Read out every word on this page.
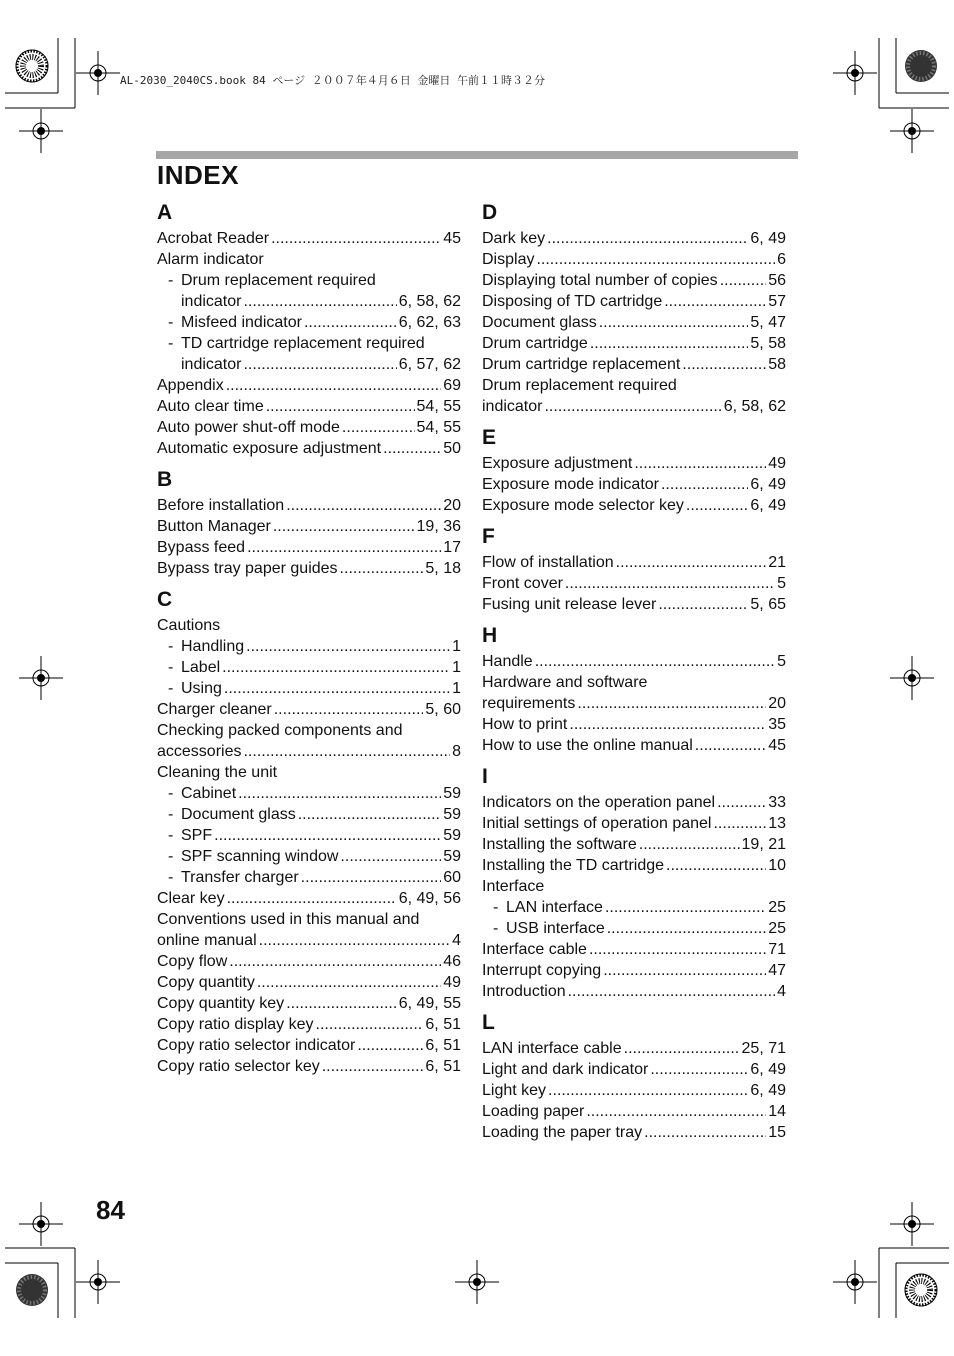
AL-2030_2040CS.book 84 ページ ２００７年４月６日 金曜日 午前１１時３２分
INDEX
A
Acrobat Reader .....	45
Alarm indicator
- Drum replacement required
indicator .....	6, 58, 62
- Misfeed indicator .....	6, 62, 63
- TD cartridge replacement required
indicator .....	6, 57, 62
Appendix .....	69
Auto clear time .....	54, 55
Auto power shut-off mode .....	54, 55
Automatic exposure adjustment .....	50
B
Before installation .....	20
Button Manager .....	19, 36
Bypass feed .....	17
Bypass tray paper guides .....	5, 18
C
Cautions
- Handling .....	1
- Label .....	1
- Using .....	1
Charger cleaner .....	5, 60
Checking packed components and
accessories .....	8
Cleaning the unit
- Cabinet .....	59
- Document glass .....	59
- SPF .....	59
- SPF scanning window .....	59
- Transfer charger .....	60
Clear key .....	6, 49, 56
Conventions used in this manual and
online manual .....	4
Copy flow .....	46
Copy quantity .....	49
Copy quantity key .....	6, 49, 55
Copy ratio display key .....	6, 51
Copy ratio selector indicator .....	6, 51
Copy ratio selector key .....	6, 51
D
Dark key .....	6, 49
Display .....	6
Displaying total number of copies .....	56
Disposing of TD cartridge .....	57
Document glass .....	5, 47
Drum cartridge .....	5, 58
Drum cartridge replacement .....	58
Drum replacement required
indicator .....	6, 58, 62
E
Exposure adjustment .....	49
Exposure mode indicator .....	6, 49
Exposure mode selector key .....	6, 49
F
Flow of installation .....	21
Front cover .....	5
Fusing unit release lever .....	5, 65
H
Handle .....	5
Hardware and software
requirements .....	20
How to print .....	35
How to use the online manual .....	45
I
Indicators on the operation panel .....	33
Initial settings of operation panel .....	13
Installing the software .....	19, 21
Installing the TD cartridge .....	10
Interface
- LAN interface .....	25
- USB interface .....	25
Interface cable .....	71
Interrupt copying .....	47
Introduction .....	4
L
LAN interface cable .....	25, 71
Light and dark indicator .....	6, 49
Light key .....	6, 49
Loading paper .....	14
Loading the paper tray .....	15
84
